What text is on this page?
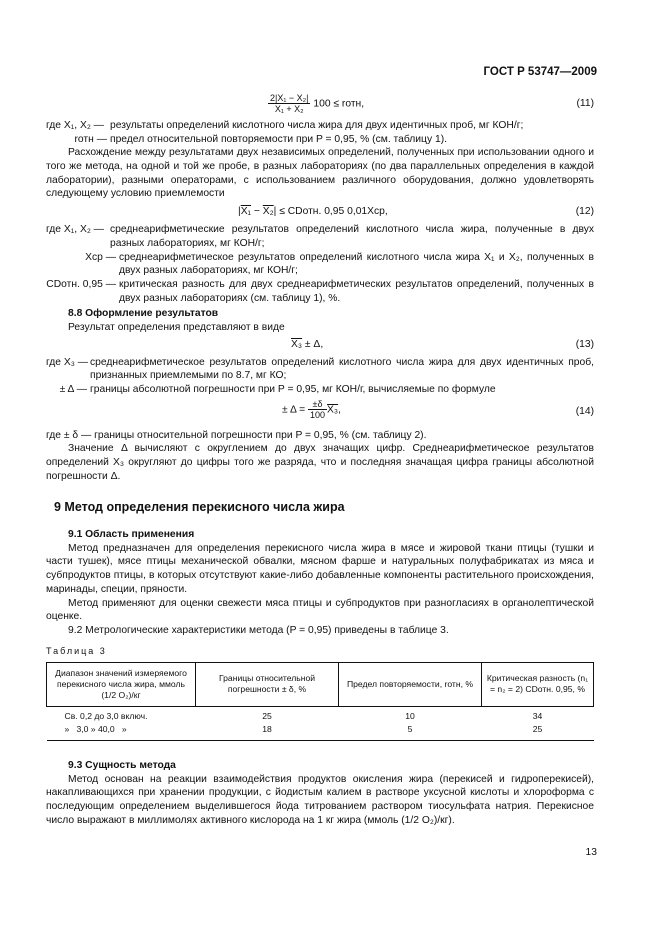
ГОСТ Р 53747—2009
$\frac{\text{2|X₁ − X₂|}}{\text{X₁ + X₂}} 100$ ≤ rотн,	(11)
где X₁, X₂ — результаты определений кислотного числа жира для двух идентичных проб, мг КОН/г;
rотн — предел относительной повторяемости при P = 0,95, % (см. таблицу 1).

Расхождение между результатами двух независимых определений, полученных при использовании одного и того же метода, на одной и той же пробе, в разных лабораториях (по два параллельных определения в каждой лаборатории), разными операторами, с использованием различного оборудования, должно удовлетворять следующему условию приемлемости

|X₁ − X₂| ≤ CDотн. 0,95 0,01Xср,	(12)
где X₁, X₂ — среднеарифметические результатов определений кислотного числа жира, полученные в двух разных лабораториях, мг КОН/г;
Xср — среднеарифметическое результатов определений кислотного числа жира X₁ и X₂, полученных в двух разных лабораториях, мг КОН/г;
CDотн. 0,95 — критическая разность для двух среднеарифметических результатов определений, полученных в двух разных лабораториях (см. таблицу 1), %.
8.8 Оформление результатов

Результат определения представляют в виде

X₃ ± Δ,	(13)
где X₃ — среднеарифметическое результатов определений кислотного числа жира для двух идентичных проб, признанных приемлемыми по 8.7, мг КО;
± Δ — границы абсолютной погрешности при P = 0,95, мг КОН/г, вычисляемые по формуле
± $\Delta = \frac{\pm\delta}{100} X_3$,	(14)

где ± δ — границы относительной погрешности при P = 0,95, % (см. таблицу 2).

Значение Δ вычисляют с округлением до двух значащих цифр. Среднеарифметическое результатов определений X₃ округляют до цифры того же разряда, что и последняя значащая цифра границы абсолютной погрешности Δ.

9 Метод определения перекисного числа жира
9.1 Область применения

Метод предназначен для определения перекисного числа жира в мясе и жировой ткани птицы (тушки и части тушек), мясе птицы механической обвалки, мясном фарше и натуральных полуфабрикатах из мяса и субпродуктов птицы, в которых отсутствуют какие-либо добавленные компоненты растительного происхождения, маринады, специи, пряности.

Метод применяют для оценки свежести мяса птицы и субпродуктов при разногласиях в органолептической оценке.

9.2 Метрологические характеристики метода (P = 0,95) приведены в таблице 3.

Таблица 3
Диапазон значений измеряемого перекисного числа жира, ммоль (1/2 O₂)/кг	Границы относительной погрешности ± δ, %	Предел повторяемости, rотн, %	Критическая разность (n₁ = n₂ = 2) CDотн. 0,95, %
Св. 0,2 до 3,0 включ.	25	10	34
»   3,0 » 40,0   »	18	5	25
9.3 Сущность метода

Метод основан на реакции взаимодействия продуктов окисления жира (перекисей и гидроперекисей), накапливающихся при хранении продукции, с йодистым калием в растворе уксусной кислоты и хлороформа с последующим определением выделившегося йода титрованием раствором тиосульфата натрия. Перекисное число выражают в миллимолях активного кислорода на 1 кг жира (ммоль (1/2 O₂)/кг).

13
